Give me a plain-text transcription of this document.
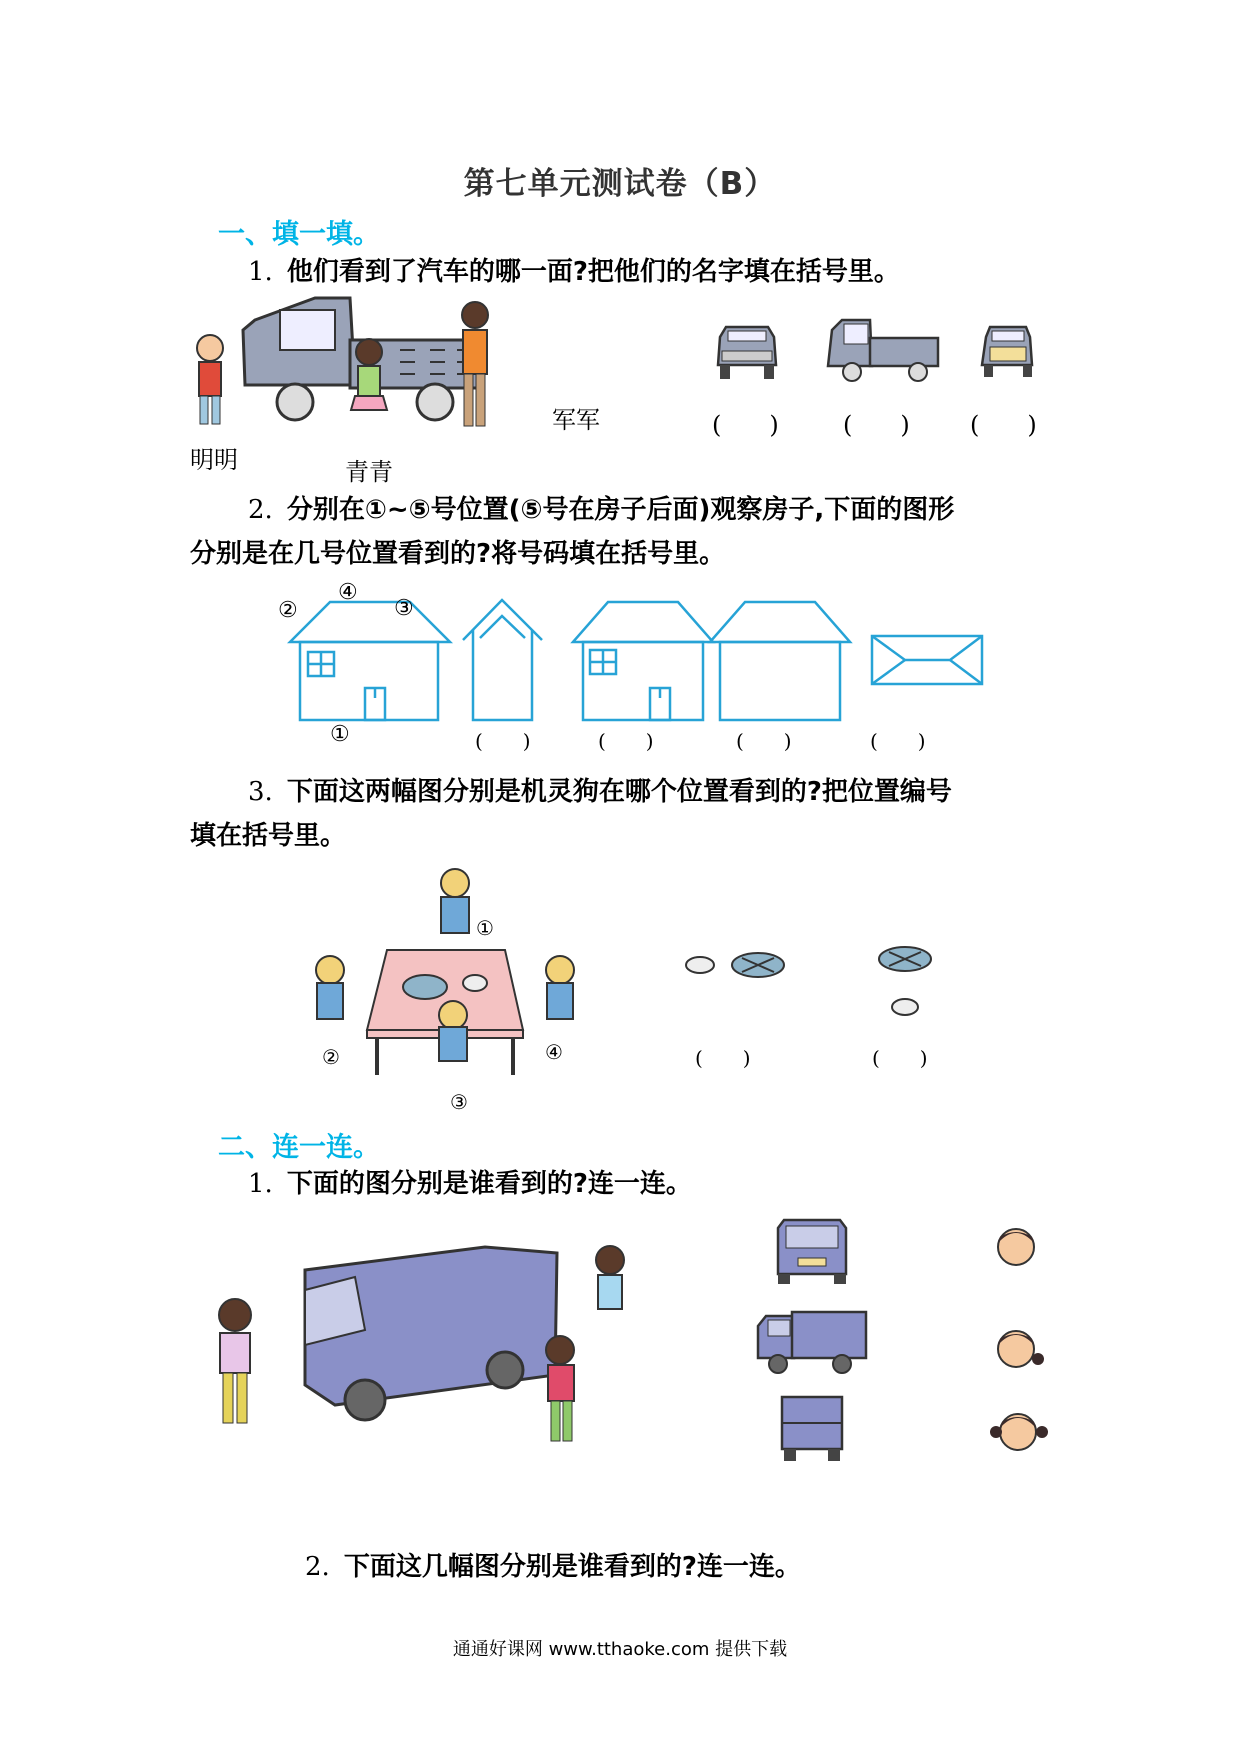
第七单元测试卷（B）
一、填一填。
1. 他们看到了汽车的哪一面?把他们的名字填在括号里。
明明	青青
军军	(　　)	(　　)	(　　)
2. 分别在①~⑤号位置(⑤号在房子后面)观察房子,下面的图形
分别是在几号位置看到的?将号码填在括号里。
②
④
③
①	(　　)	(　　)	(　　)	(　　)
3. 下面这两幅图分别是机灵狗在哪个位置看到的?把位置编号
填在括号里。
①
②
③
④	(　　)	(　　)
二、连一连。
1. 下面的图分别是谁看到的?连一连。
2. 下面这几幅图分别是谁看到的?连一连。
通通好课网 www.tthaoke.com 提供下载
